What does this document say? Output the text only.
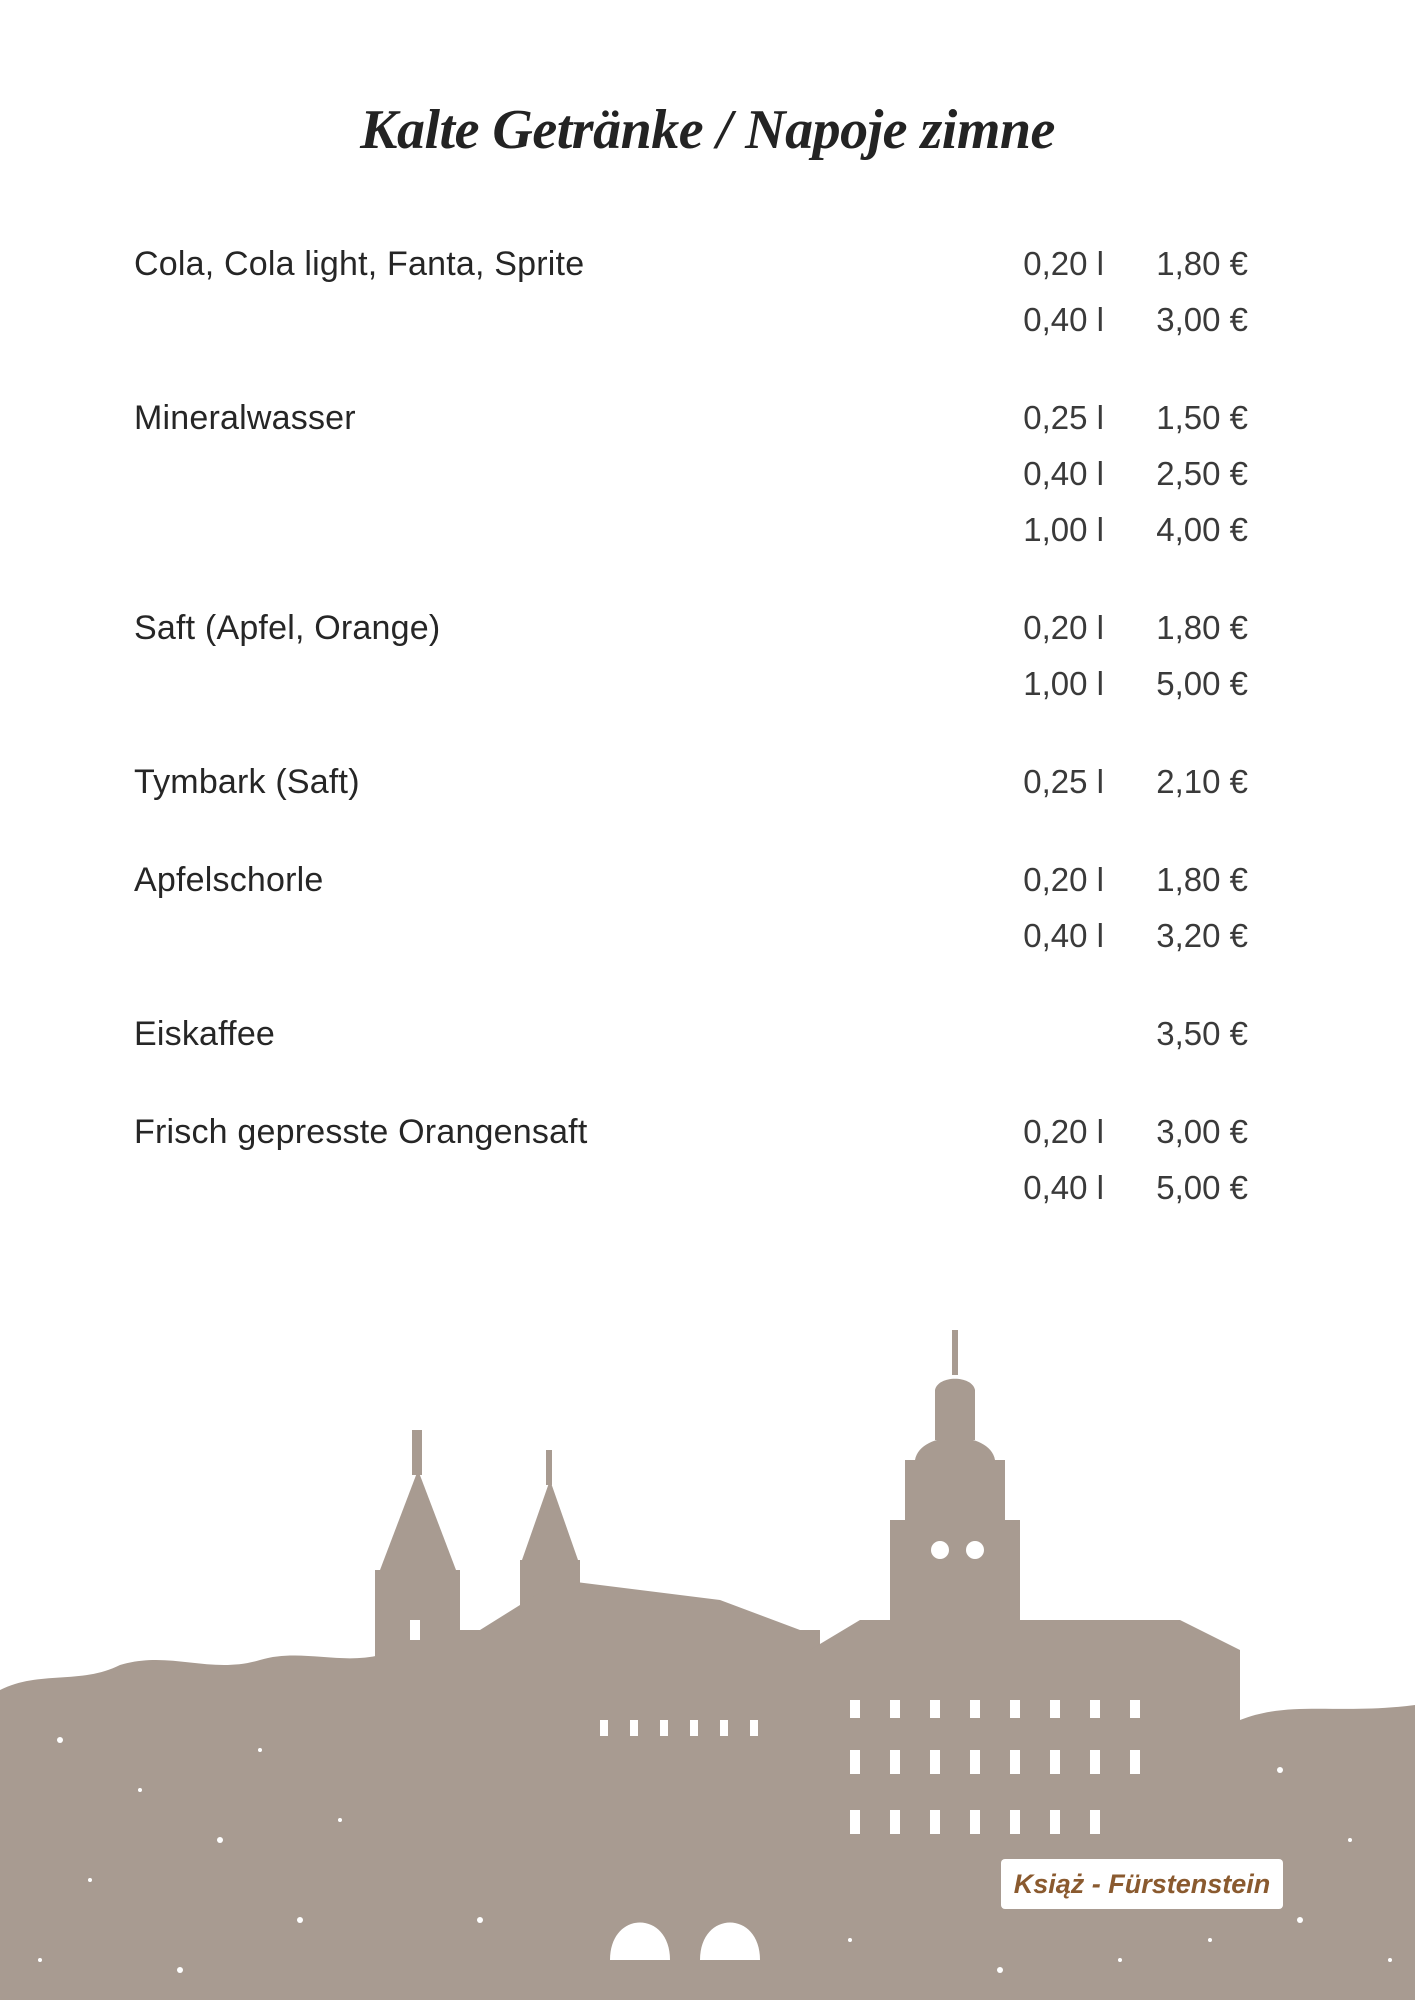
Kalte Getränke / Napoje zimne
Cola, Cola light, Fanta, Sprite	0,20 l	1,80 €
0,40 l	3,00 €
Mineralwasser	0,25 l	1,50 €
0,40 l	2,50 €
1,00 l	4,00 €
Saft (Apfel, Orange)	0,20 l	1,80 €
1,00 l	5,00 €
Tymbark (Saft)	0,25 l	2,10 €
Apfelschorle	0,20 l	1,80 €
0,40 l	3,20 €
Eiskaffee	3,50 €
Frisch gepresste Orangensaft	0,20 l	3,00 €
0,40 l	5,00 €
Książ - Fürstenstein
